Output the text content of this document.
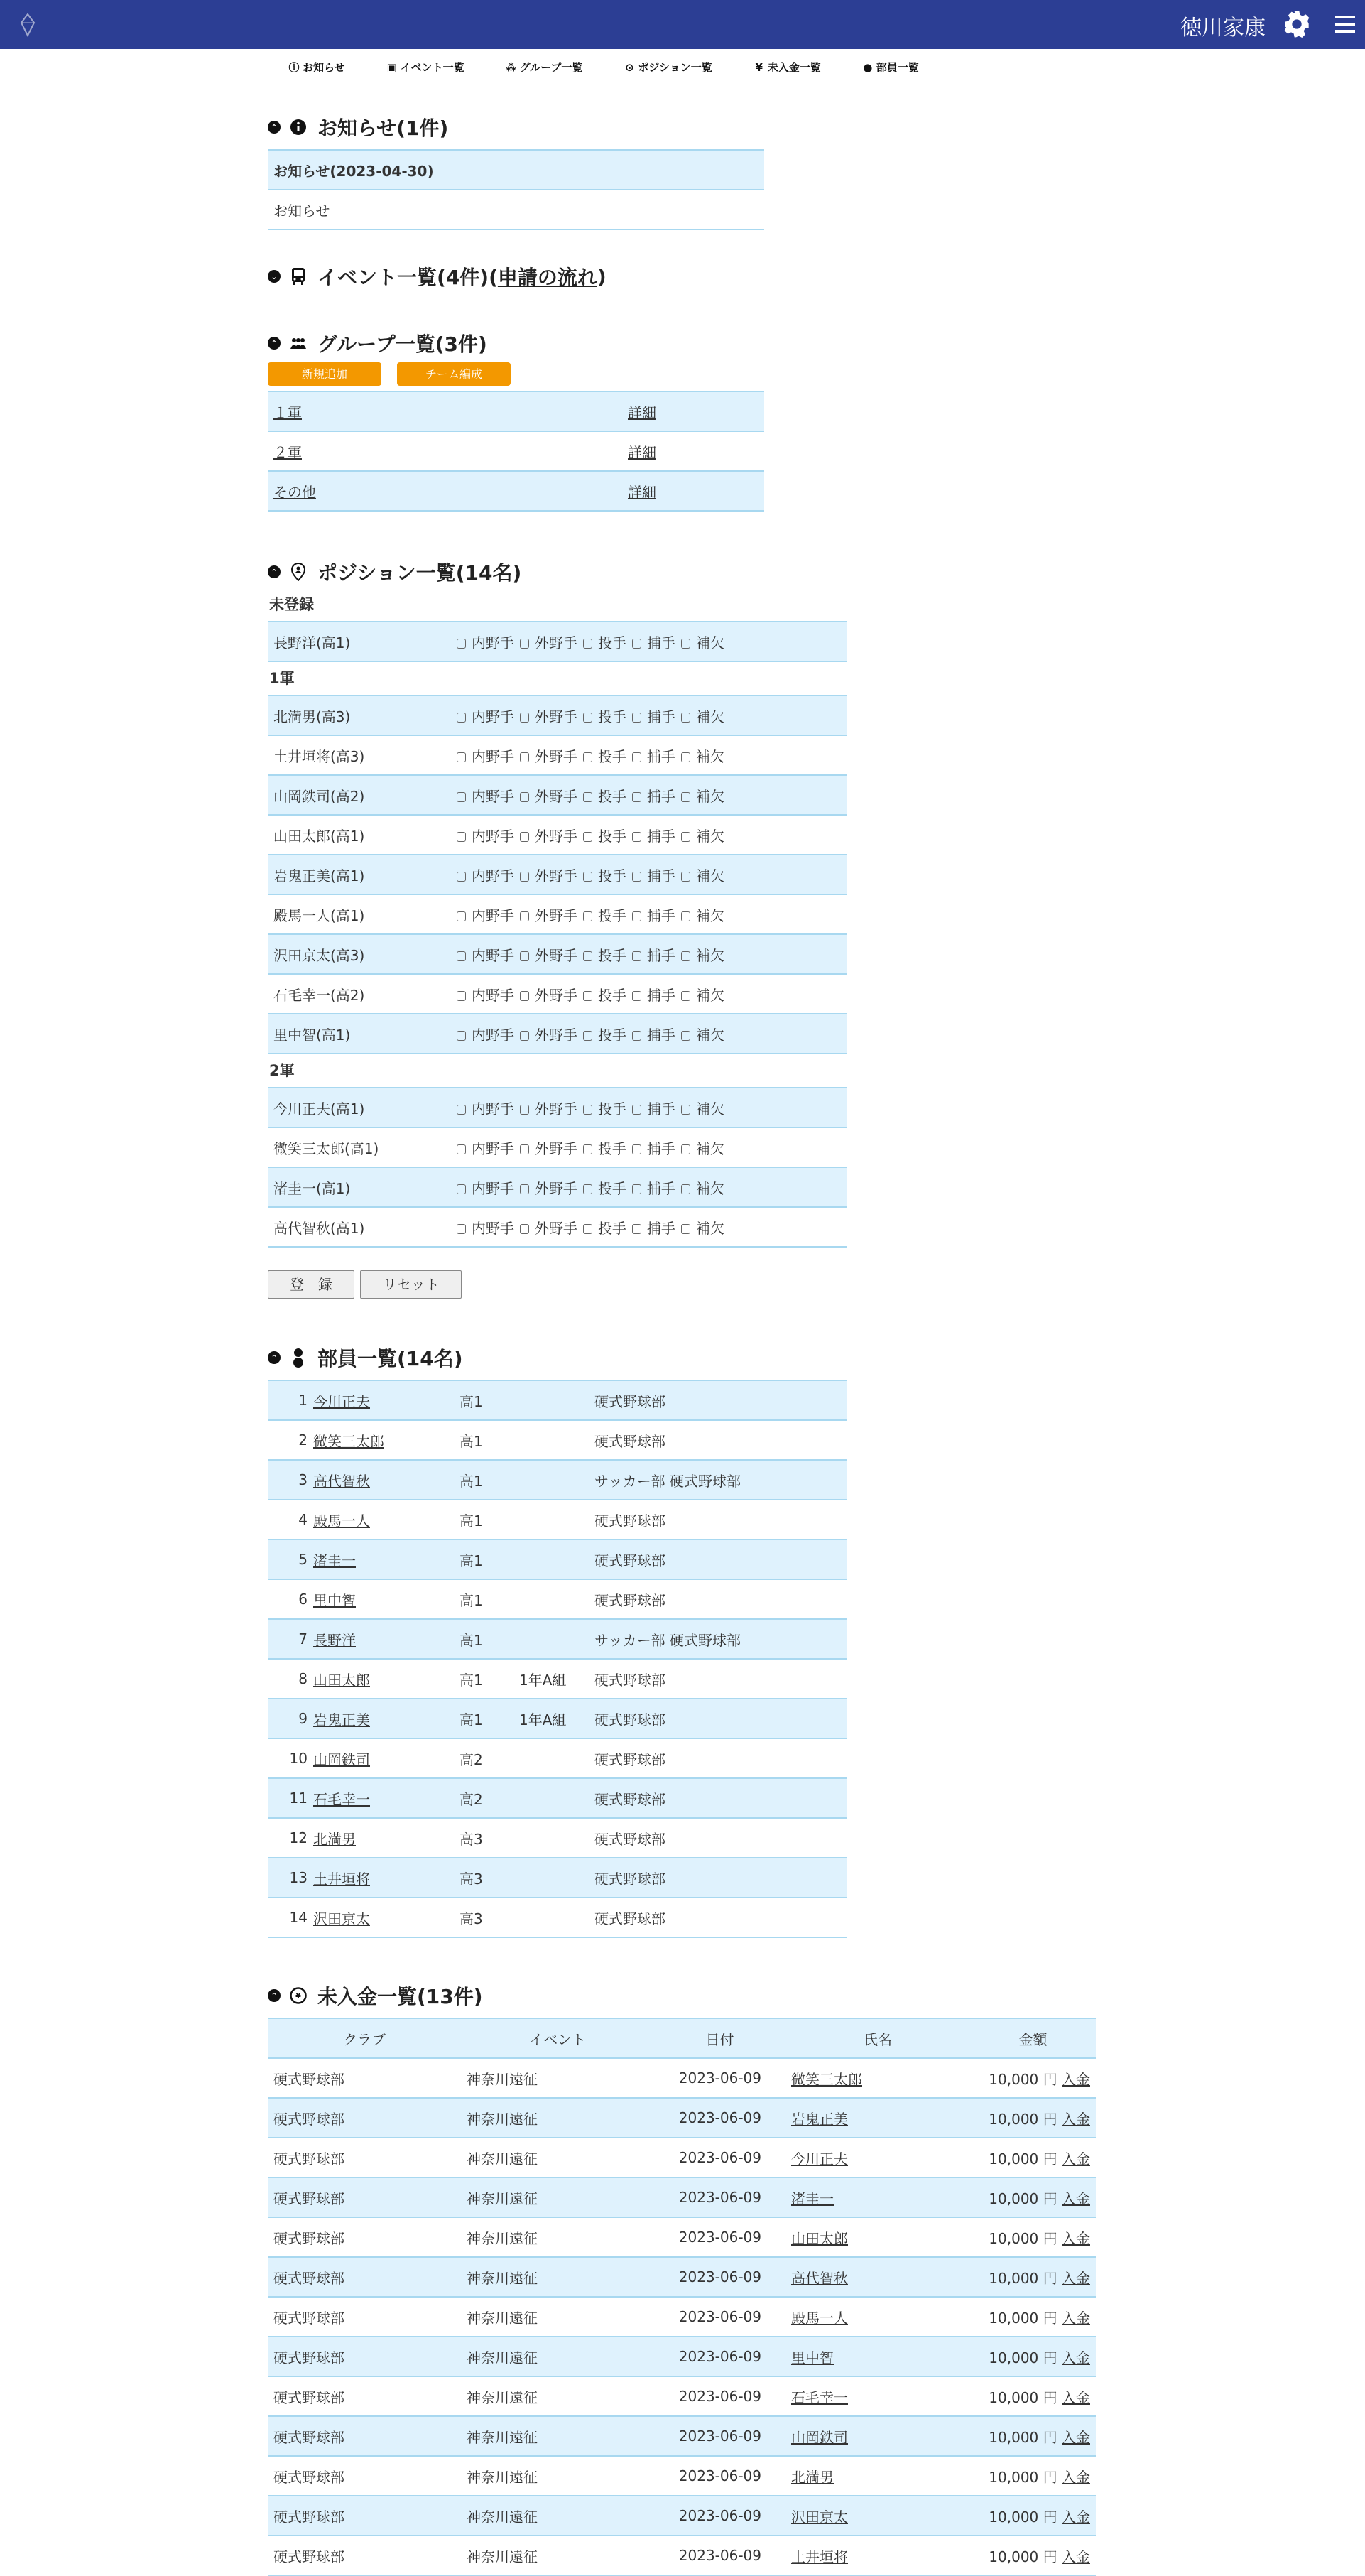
徳川家康
ⓘ お知らせ	▣ イベント一覧	⁂ グループ一覧	⊙ ポジション一覧	¥ 未入金一覧	● 部員一覧
⌃ お知らせ(1件)
お知らせ(2023-04-30)
お知らせ
⌄ イベント一覧(4件)( 申請の流れ )
⌃ グループ一覧(3件)
新規追加	チーム編成
１軍	詳細
２軍	詳細
その他	詳細
⌃ ポジション一覧(14名)
未登録
長野洋(高1)	内野手 外野手 投手 捕手 補欠
1軍
北満男(高3)	内野手 外野手 投手 捕手 補欠
土井垣将(高3)	内野手 外野手 投手 捕手 補欠
山岡鉄司(高2)	内野手 外野手 投手 捕手 補欠
山田太郎(高1)	内野手 外野手 投手 捕手 補欠
岩鬼正美(高1)	内野手 外野手 投手 捕手 補欠
殿馬一人(高1)	内野手 外野手 投手 捕手 補欠
沢田京太(高3)	内野手 外野手 投手 捕手 補欠
石毛幸一(高2)	内野手 外野手 投手 捕手 補欠
里中智(高1)	内野手 外野手 投手 捕手 補欠
2軍
今川正夫(高1)	内野手 外野手 投手 捕手 補欠
微笑三太郎(高1)	内野手 外野手 投手 捕手 補欠
渚圭一(高1)	内野手 外野手 投手 捕手 補欠
高代智秋(高1)	内野手 外野手 投手 捕手 補欠
登　録	リセット
⌃ 部員一覧(14名)
1	今川正夫	高1		硬式野球部
2	微笑三太郎	高1		硬式野球部
3	高代智秋	高1		サッカー部 硬式野球部
4	殿馬一人	高1		硬式野球部
5	渚圭一	高1		硬式野球部
6	里中智	高1		硬式野球部
7	長野洋	高1		サッカー部 硬式野球部
8	山田太郎	高1	1年A組	硬式野球部
9	岩鬼正美	高1	1年A組	硬式野球部
10	山岡鉄司	高2		硬式野球部
11	石毛幸一	高2		硬式野球部
12	北満男	高3		硬式野球部
13	土井垣将	高3		硬式野球部
14	沢田京太	高3		硬式野球部
⌃	¥ 未入金一覧(13件)
クラブ	イベント	日付	氏名	金額
硬式野球部	神奈川遠征	2023-06-09	微笑三太郎	10,000 円 入金
硬式野球部	神奈川遠征	2023-06-09	岩鬼正美	10,000 円 入金
硬式野球部	神奈川遠征	2023-06-09	今川正夫	10,000 円 入金
硬式野球部	神奈川遠征	2023-06-09	渚圭一	10,000 円 入金
硬式野球部	神奈川遠征	2023-06-09	山田太郎	10,000 円 入金
硬式野球部	神奈川遠征	2023-06-09	高代智秋	10,000 円 入金
硬式野球部	神奈川遠征	2023-06-09	殿馬一人	10,000 円 入金
硬式野球部	神奈川遠征	2023-06-09	里中智	10,000 円 入金
硬式野球部	神奈川遠征	2023-06-09	石毛幸一	10,000 円 入金
硬式野球部	神奈川遠征	2023-06-09	山岡鉄司	10,000 円 入金
硬式野球部	神奈川遠征	2023-06-09	北満男	10,000 円 入金
硬式野球部	神奈川遠征	2023-06-09	沢田京太	10,000 円 入金
硬式野球部	神奈川遠征	2023-06-09	土井垣将	10,000 円 入金
